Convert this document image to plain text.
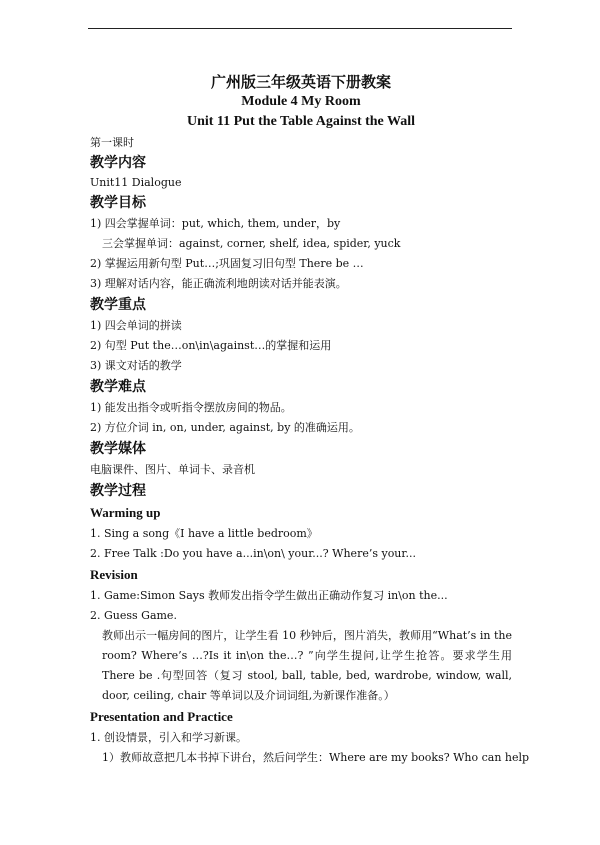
广州版三年级英语下册教案

Module 4 My Room

Unit 11 Put the Table Against the Wall

第一课时

教学内容

Unit11 Dialogue

教学目标

1) 四会掌握单词：put, which, them, under，by

三会掌握单词：against, corner, shelf, idea, spider, yuck

2) 掌握运用新句型 Put…;巩固复习旧句型 There be …

3) 理解对话内容，能正确流利地朗读对话并能表演。

教学重点

1) 四会单词的拼读

2) 句型 Put the…on\in\against…的掌握和运用

3) 课文对话的教学

教学难点

1) 能发出指令或听指令摆放房间的物品。

2) 方位介词 in, on, under, against, by 的准确运用。

教学媒体

电脑课件、图片、单词卡、录音机

教学过程

Warming up

1. Sing a song《I have a little bedroom》

2. Free Talk :Do you have a...in\on\ your...? Where’s your...

Revision

1. Game:Simon Says 教师发出指令学生做出正确动作复习 in\on the...

2. Guess Game.

教师出示一幅房间的图片，让学生看 10 秒钟后，图片消失，教师用“What’s in the room? Where’s …?Is it in\on the…? ”向学生提问,让学生抢答。要求学生用 There be .句型回答（复习 stool, ball, table, bed, wardrobe, window, wall, door, ceiling, chair 等单词以及介词词组,为新课作准备。）

Presentation and Practice

1. 创设情景，引入和学习新课。

1）教师故意把几本书掉下讲台，然后问学生：Where are my books? Who can help
